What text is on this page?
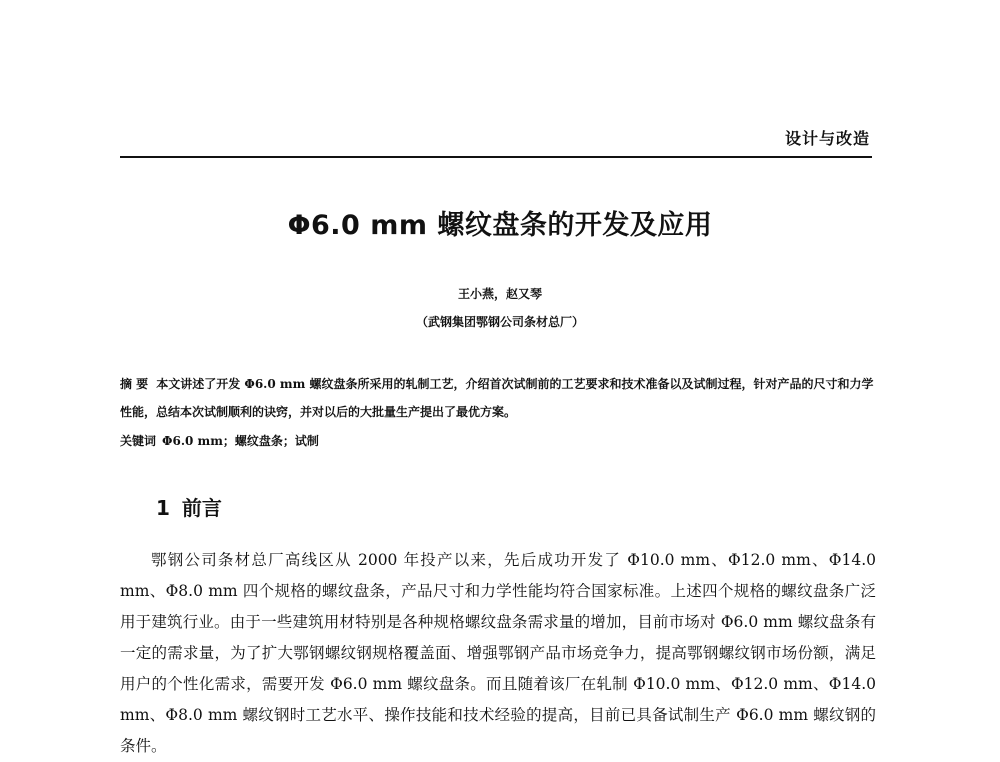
设计与改造
Φ6.0 mm 螺纹盘条的开发及应用
王小燕，赵又琴
（武钢集团鄂钢公司条材总厂）
摘 要 本文讲述了开发 Φ6.0 mm 螺纹盘条所采用的轧制工艺，介绍首次试制前的工艺要求和技术准备以及试制过程，针对产品的尺寸和力学性能，总结本次试制顺利的诀窍，并对以后的大批量生产提出了最优方案。
关键词 Φ6.0 mm；螺纹盘条；试制
1 前言
鄂钢公司条材总厂高线区从 2000 年投产以来，先后成功开发了 Φ10.0 mm、Φ12.0 mm、Φ14.0 mm、Φ8.0 mm 四个规格的螺纹盘条，产品尺寸和力学性能均符合国家标准。上述四个规格的螺纹盘条广泛用于建筑行业。由于一些建筑用材特别是各种规格螺纹盘条需求量的增加，目前市场对 Φ6.0 mm 螺纹盘条有一定的需求量，为了扩大鄂钢螺纹钢规格覆盖面、增强鄂钢产品市场竞争力，提高鄂钢螺纹钢市场份额，满足用户的个性化需求，需要开发 Φ6.0 mm 螺纹盘条。而且随着该厂在轧制 Φ10.0 mm、Φ12.0 mm、Φ14.0 mm、Φ8.0 mm 螺纹钢时工艺水平、操作技能和技术经验的提高，目前已具备试制生产 Φ6.0 mm 螺纹钢的条件。
